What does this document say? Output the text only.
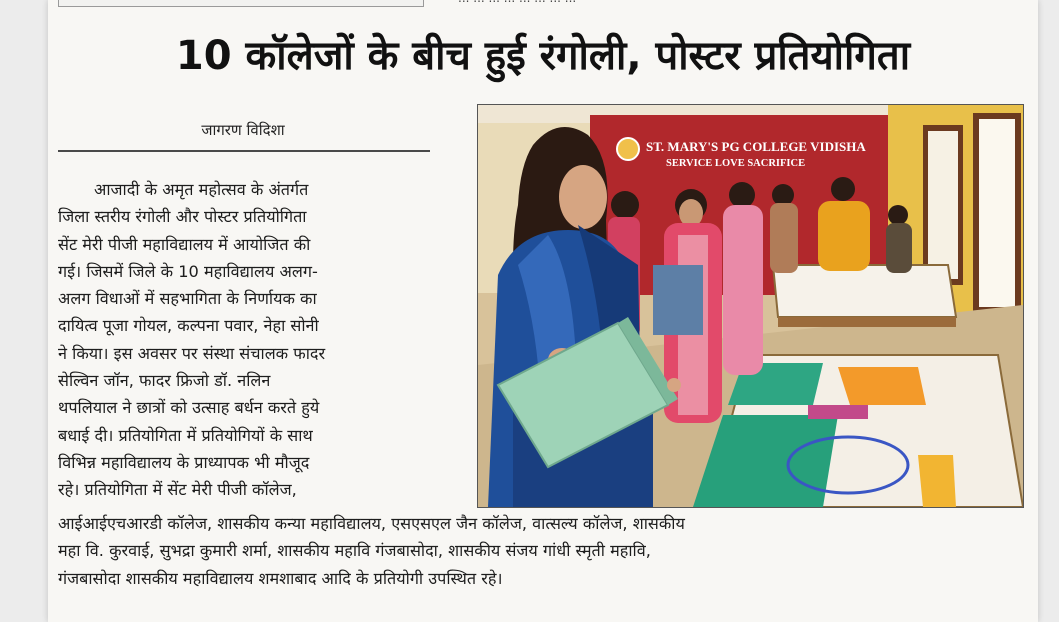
10 कॉलेजों के बीच हुई रंगोली, पोस्टर प्रतियोगिता
जागरण विदिशा
आजादी के अमृत महोत्सव के अंतर्गत
जिला स्तरीय रंगोली और पोस्टर प्रतियोगिता
सेंट मेरी पीजी महाविद्यालय में आयोजित की
गई। जिसमें जिले के 10 महाविद्यालय अलग-
अलग विधाओं में सहभागिता के निर्णायक का
दायित्व पूजा गोयल, कल्पना पवार, नेहा सोनी
ने किया। इस अवसर पर संस्था संचालक फादर
सेल्विन जॉन, फादर फ्रिजो डॉ. नलिन
थपलियाल ने छात्रों को उत्साह बर्धन करते हुये
बधाई दी। प्रतियोगिता में प्रतियोगियों के साथ
विभिन्न महाविद्यालय के प्राध्यापक भी मौजूद
रहे। प्रतियोगिता में सेंट मेरी पीजी कॉलेज,
आईआईएचआरडी कॉलेज, शासकीय कन्या महाविद्यालय, एसएसएल जैन कॉलेज, वात्सल्य कॉलेज, शासकीय
महा वि. कुरवाई, सुभद्रा कुमारी शर्मा, शासकीय महावि गंजबासोदा, शासकीय संजय गांधी स्मृती महावि,
गंजबासोदा शासकीय महाविद्यालय शमशाबाद आदि के प्रतियोगी उपस्थित रहे।
ST. MARY'S PG COLLEGE VIDISHA
SERVICE LOVE SACRIFICE
